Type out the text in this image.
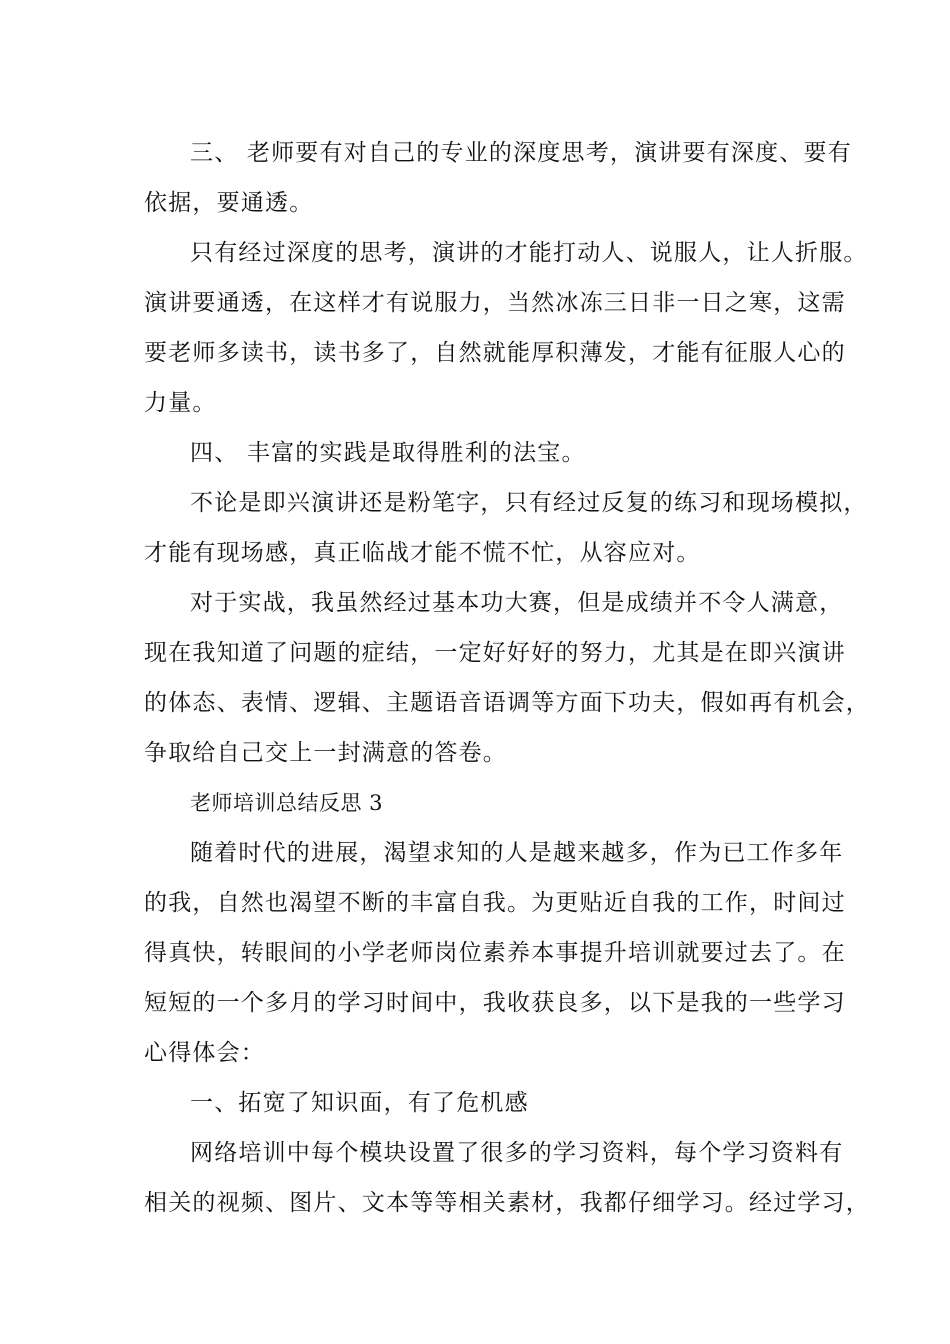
三、 老师要有对自己的专业的深度思考，演讲要有深度、要有

依据，要通透。

只有经过深度的思考，演讲的才能打动人、说服人，让人折服。

演讲要通透，在这样才有说服力，当然冰冻三日非一日之寒，这需

要老师多读书，读书多了，自然就能厚积薄发，才能有征服人心的

力量。

四、 丰富的实践是取得胜利的法宝。

不论是即兴演讲还是粉笔字，只有经过反复的练习和现场模拟，

才能有现场感，真正临战才能不慌不忙，从容应对。

对于实战，我虽然经过基本功大赛，但是成绩并不令人满意，

现在我知道了问题的症结，一定好好好的努力，尤其是在即兴演讲

的体态、表情、逻辑、主题语音语调等方面下功夫，假如再有机会，

争取给自己交上一封满意的答卷。

老师培训总结反思 3

随着时代的进展，渴望求知的人是越来越多，作为已工作多年

的我，自然也渴望不断的丰富自我。为更贴近自我的工作，时间过

得真快，转眼间的小学老师岗位素养本事提升培训就要过去了。在

短短的一个多月的学习时间中，我收获良多，以下是我的一些学习

心得体会：

一、拓宽了知识面，有了危机感

网络培训中每个模块设置了很多的学习资料，每个学习资料有

相关的视频、图片、文本等等相关素材，我都仔细学习。经过学习，
